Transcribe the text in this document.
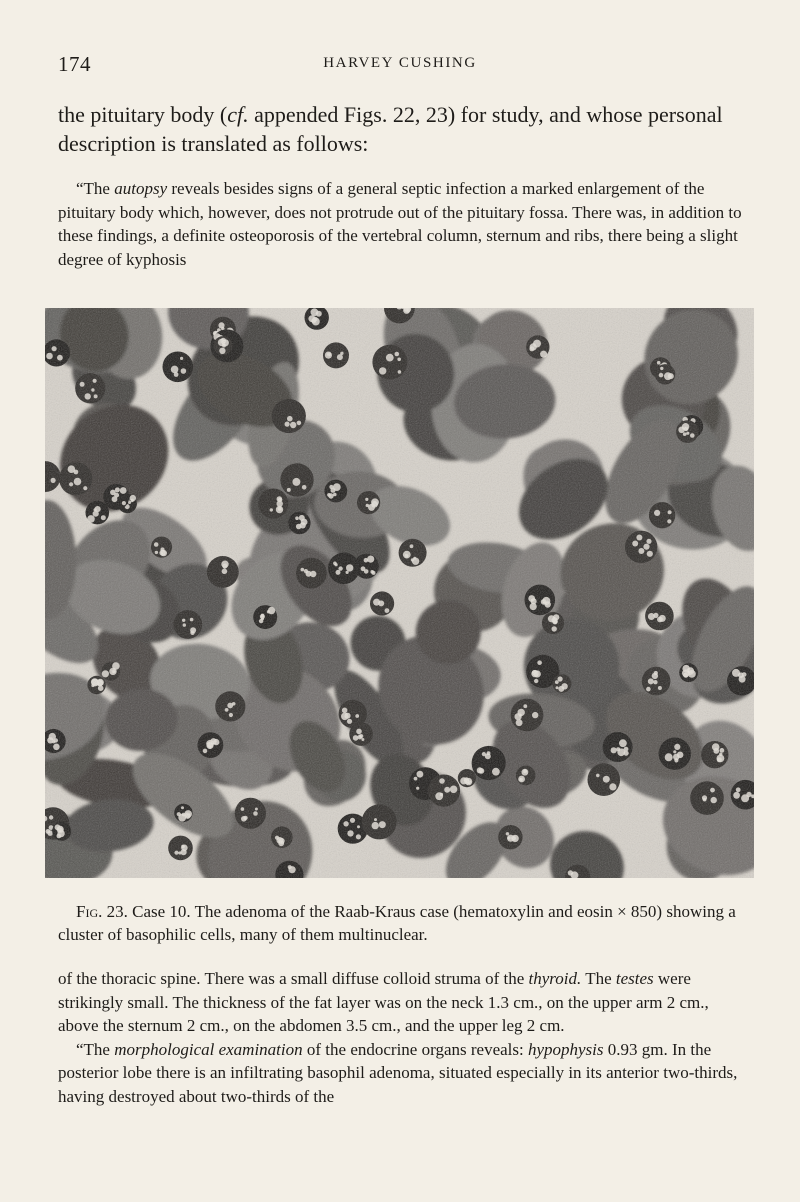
174	HARVEY CUSHING

the pituitary body (cf. appended Figs. 22, 23) for study, and whose personal description is translated as follows:

“The autopsy reveals besides signs of a general septic infection a marked enlargement of the pituitary body which, however, does not protrude out of the pituitary fossa. There was, in addition to these findings, a definite osteoporosis of the vertebral column, sternum and ribs, there being a slight degree of kyphosis

Fig. 23. Case 10. The adenoma of the Raab-Kraus case (hematoxylin and eosin × 850) showing a cluster of basophilic cells, many of them multinuclear.

of the thoracic spine. There was a small diffuse colloid struma of the thyroid. The testes were strikingly small. The thickness of the fat layer was on the neck 1.3 cm., on the upper arm 2 cm., above the sternum 2 cm., on the abdomen 3.5 cm., and the upper leg 2 cm.

“The morphological examination of the endocrine organs reveals: hypophysis 0.93 gm. In the posterior lobe there is an infiltrating basophil adenoma, situated especially in its anterior two-thirds, having destroyed about two-thirds of the
